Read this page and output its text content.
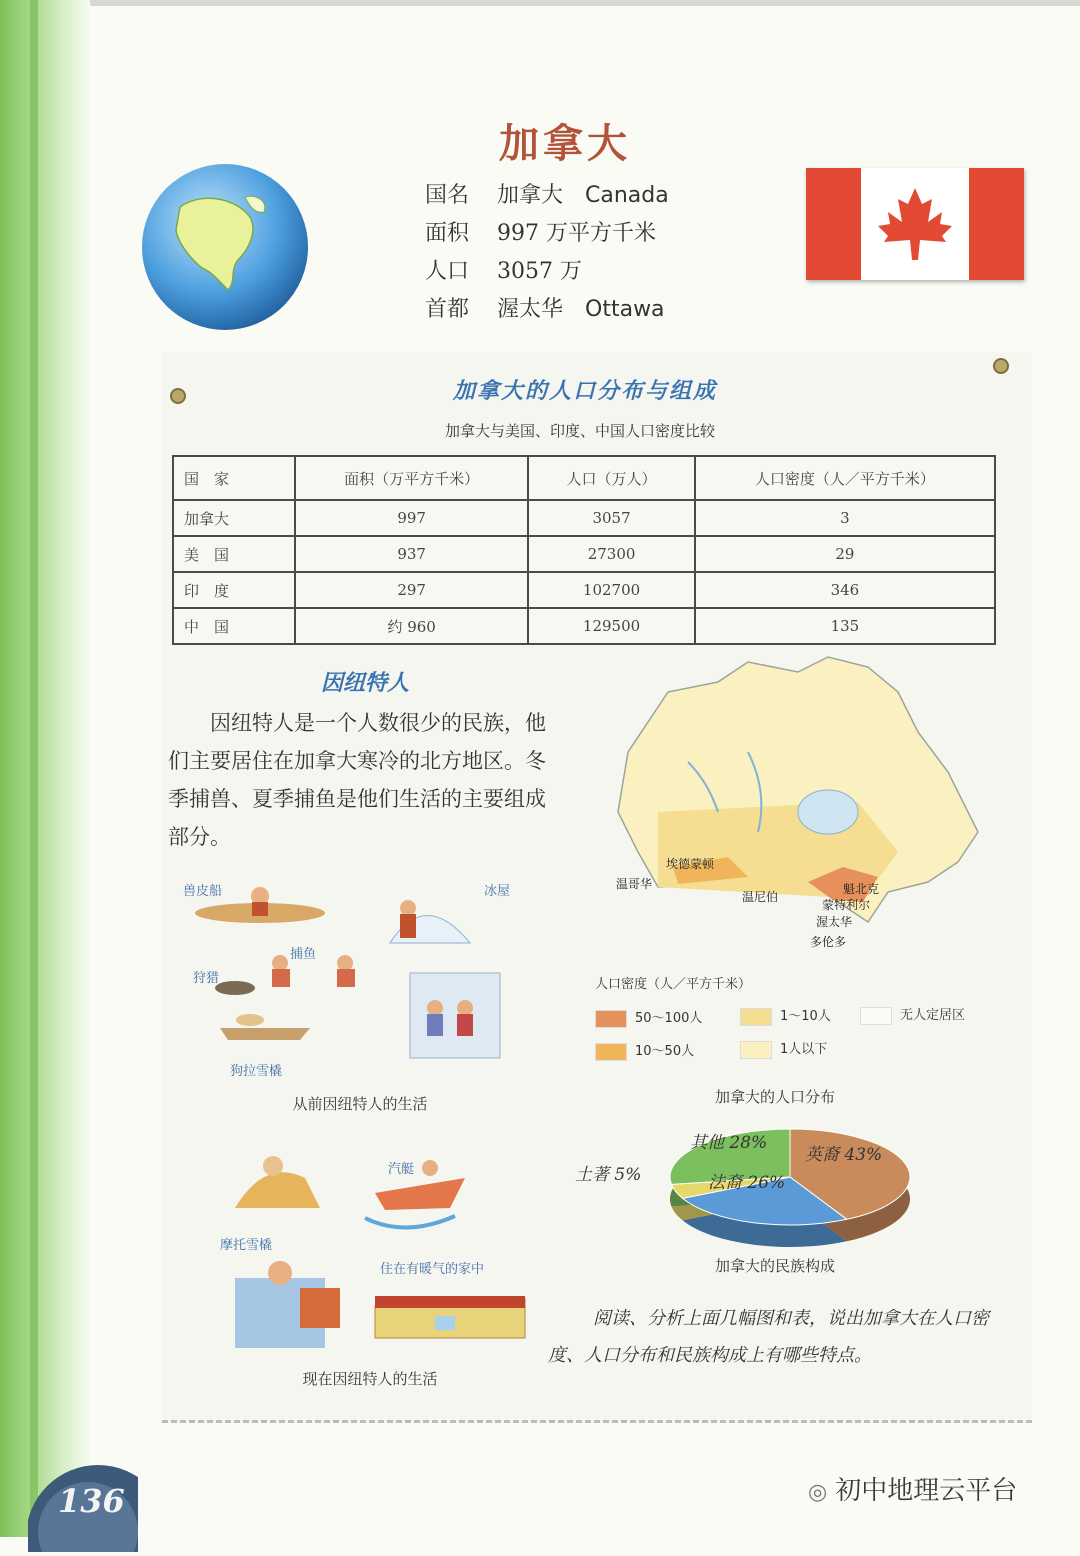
加拿大
国名 加拿大 Canada
面积 997 万平方千米
人口 3057 万
首都 渥太华 Ottawa
加拿大的人口分布与组成
加拿大与美国、印度、中国人口密度比较
国　家	面积（万平方千米）	人口（万人）	人口密度（人／平方千米）
加拿大	997	3057	3
美　国	937	27300	29
印　度	297	102700	346
中　国	约 960	129500	135
因纽特人
因纽特人是一个人数很少的民族，他们主要居住在加拿大寒冷的北方地区。冬季捕兽、夏季捕鱼是他们生活的主要组成部分。
兽皮船	冰屋
捕鱼
狩猎
狗拉雪橇
从前因纽特人的生活
汽艇
摩托雪橇
住在有暖气的家中
现在因纽特人的生活
埃德蒙顿
温哥华
温尼伯
魁北克
蒙特利尔
渥太华
多伦多
人口密度（人／平方千米）
50～100人	1～10人	无人定居区
10～50人	1人以下
加拿大的人口分布
英裔 43%
法裔 26%
土著 5%
其他 28%
加拿大的民族构成
阅读、分析上面几幅图和表，说出加拿大在人口密度、人口分布和民族构成上有哪些特点。
136	◎ 初中地理云平台
